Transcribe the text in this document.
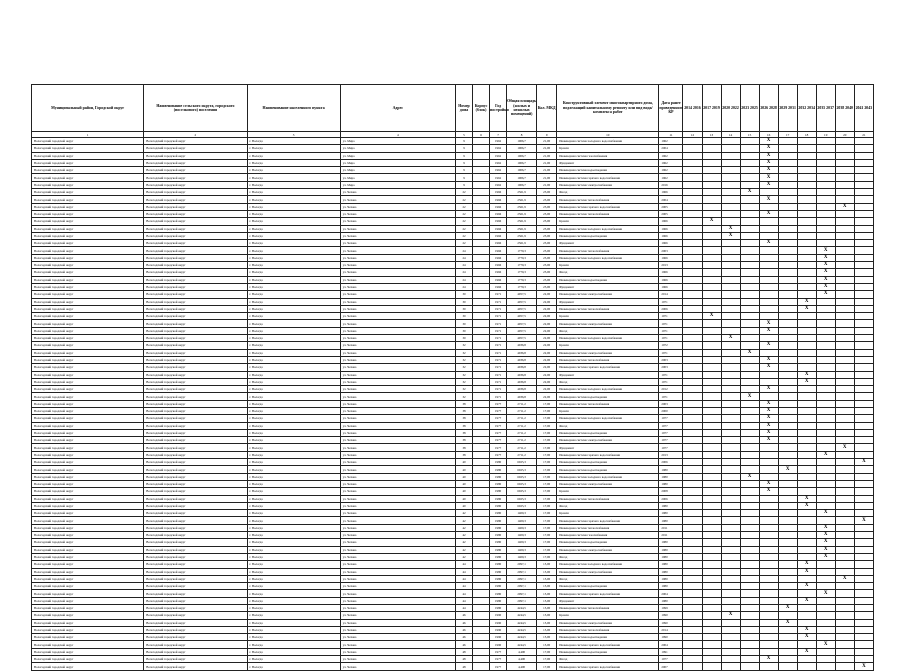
Муниципальный район, Городской округ	Наименование сельского округа, городского (поселкового) поселения	Наименование населенного пункта	Адрес	Номер дома	Корпус (блок)	Год постройки	Общая площадь (жилых и нежилых помещений)	Кол. МКД	Конструктивный элемент многоквартирного дома, подлежащий капитальному ремонту или вид вида/комплекса работ	Дата ранее проведенного КР	2014 2016	2017 2019	2020 2022	2023 2025	2026 2028	2029 2031	2032 2034	2035 2037	2038 2040	2041 2043
1	2	3	4	5	6	7	8	9	10	11	12	13	14	15	16	17	18	19	20	21
Вологодский городской округ	Вологодский городской округ	г. Вологда	ул. Мира	9		1962	1906,7	21,00	Инженерная система холодного водоснабжения	1962					X					
Вологодский городской округ	Вологодский городской округ	г. Вологда	ул. Мира	9		1962	1906,7	21,00	Кровля	2004					X					
Вологодский городской округ	Вологодский городской округ	г. Вологда	ул. Мира	9		1962	1906,7	21,00	Инженерная система газоснабжения	1962					X					
Вологодский городской округ	Вологодский городской округ	г. Вологда	ул. Мира	9		1962	1906,7	21,00	Фундамент	1962					X					
Вологодский городской округ	Вологодский городской округ	г. Вологда	ул. Мира	9		1962	1906,7	21,00	Инженерная система водоотведения	1962					X					
Вологодский городской округ	Вологодский городской округ	г. Вологда	ул. Мира	9		1962	1906,7	21,00	Инженерная система горячего водоснабжения	1962					X					
Вологодский городской округ	Вологодский городской округ	г. Вологда	ул. Мира	9		1962	1906,7	21,00	Инженерная система электроснабжения	2016					X					
Вологодский городской округ	Вологодский городской округ	г. Вологда	ул. Чехова	22		1966	2561,9	23,00	Фасад	1966				X						
Вологодский городской округ	Вологодский городской округ	г. Вологда	ул. Чехова	22		1966	2561,9	23,00	Инженерная система теплоснабжения	2004					X					
Вологодский городской округ	Вологодский городской округ	г. Вологда	ул. Чехова	22		1966	2561,9	23,00	Инженерная система горячего водоснабжения	2005									X	
Вологодский городской округ	Вологодский городской округ	г. Вологда	ул. Чехова	22		1966	2561,9	23,00	Инженерная система теплоснабжения	2005					X					
Вологодский городской округ	Вологодский городской округ	г. Вологда	ул. Чехова	22		1966	2561,9	23,00	Кровля	1966		X								
Вологодский городской округ	Вологодский городской округ	г. Вологда	ул. Чехова	22		1966	2561,9	23,00	Инженерная система холодного водоснабжения	1966			X							
Вологодский городской округ	Вологодский городской округ	г. Вологда	ул. Чехова	22		1966	2561,9	23,00	Инженерная система водоотведения	1966			X							
Вологодский городской округ	Вологодский городской округ	г. Вологда	ул. Чехова	22		1966	2561,9	23,00	Фундамент	1966					X					
Вологодский городской округ	Вологодский городской округ	г. Вологда	ул. Чехова	24		1966	1779,3	23,00	Инженерная система теплоснабжения	2003								X		
Вологодский городской округ	Вологодский городской округ	г. Вологда	ул. Чехова	24		1966	1779,3	23,00	Инженерная система холодного водоснабжения	1966								X		
Вологодский городской округ	Вологодский городской округ	г. Вологда	ул. Чехова	24		1966	1779,3	23,00	Кровля	2013								X		
Вологодский городской округ	Вологодский городской округ	г. Вологда	ул. Чехова	24		1966	1779,3	23,00	Фасад	1966								X		
Вологодский городской округ	Вологодский городской округ	г. Вологда	ул. Чехова	24		1966	1779,3	23,00	Инженерная система водоотведения	1966								X		
Вологодский городской округ	Вологодский городской округ	г. Вологда	ул. Чехова	24		1966	1779,3	23,00	Фундамент	1966								X		
Вологодский городской округ	Вологодский городской округ	г. Вологда	ул. Чехова	30		1971	4957,5	22,00	Инженерная система электроснабжения	2014								X		
Вологодский городской округ	Вологодский городской округ	г. Вологда	ул. Чехова	30		1971	4957,5	22,00	Фундамент	1971							X			
Вологодский городской округ	Вологодский городской округ	г. Вологда	ул. Чехова	30		1971	4957,5	22,00	Инженерная система теплоснабжения	2006							X			
Вологодский городской округ	Вологодский городской округ	г. Вологда	ул. Чехова	30		1971	4957,5	22,00	Кровля	1971		X								
Вологодский городской округ	Вологодский городской округ	г. Вологда	ул. Чехова	30		1971	4957,5	22,00	Инженерная система электроснабжения	1971					X					
Вологодский городской округ	Вологодский городской округ	г. Вологда	ул. Чехова	30		1971	4957,5	22,00	Фасад	1971					X					
Вологодский городской округ	Вологодский городской округ	г. Вологда	ул. Чехова	30		1971	4957,5	22,00	Инженерная система холодного водоснабжения	1971			X							
Вологодский городской округ	Вологодский городской округ	г. Вологда	ул. Чехова	32		1971	4936,8	22,00	Кровля	1972					X					
Вологодский городской округ	Вологодский городской округ	г. Вологда	ул. Чехова	32		1971	4936,8	22,00	Инженерная система электроснабжения	1971				X						
Вологодский городской округ	Вологодский городской округ	г. Вологда	ул. Чехова	32		1971	4936,8	22,00	Инженерная система теплоснабжения	2003					X					
Вологодский городской округ	Вологодский городской округ	г. Вологда	ул. Чехова	32		1971	4936,8	22,00	Инженерная система горячего водоснабжения	2003					X					
Вологодский городской округ	Вологодский городской округ	г. Вологда	ул. Чехова	32		1971	4936,8	22,00	Фундамент	1971							X			
Вологодский городской округ	Вологодский городской округ	г. Вологда	ул. Чехова	32		1971	4936,8	22,00	Фасад	1971							X			
Вологодский городской округ	Вологодский городской округ	г. Вологда	ул. Чехова	32		1971	4936,8	22,00	Инженерная система холодного водоснабжения	2012					X					
Вологодский городской округ	Вологодский городской округ	г. Вологда	ул. Чехова	32		1971	4936,8	22,00	Инженерная система водоотведения	1971				X						
Вологодский городской округ	Вологодский городской округ	г. Вологда	ул. Чехова	38		1977	2711,2	17,00	Инженерная система теплоснабжения	2003					X					
Вологодский городской округ	Вологодский городской округ	г. Вологда	ул. Чехова	38		1977	2711,2	17,00	Кровля	2000					X					
Вологодский городской округ	Вологодский городской округ	г. Вологда	ул. Чехова	38		1977	2711,2	17,00	Инженерная система холодного водоснабжения	1977					X					
Вологодский городской округ	Вологодский городской округ	г. Вологда	ул. Чехова	38		1977	2711,2	17,00	Фасад	1977					X					
Вологодский городской округ	Вологодский городской округ	г. Вологда	ул. Чехова	38		1977	2711,2	17,00	Инженерная система водоотведения	1977					X					
Вологодский городской округ	Вологодский городской округ	г. Вологда	ул. Чехова	38		1977	2711,2	17,00	Инженерная система электроснабжения	1977					X					
Вологодский городской округ	Вологодский городской округ	г. Вологда	ул. Чехова	38		1977	2711,2	17,00	Фундамент	1977									X	
Вологодский городской округ	Вологодский городской округ	г. Вологда	ул. Чехова	38		1977	2711,2	17,00	Инженерная система горячего водоснабжения	2013								X		
Вологодский городской округ	Вологодский городской округ	г. Вологда	ул. Чехова	40		1980	6025,3	17,00	Инженерная система водоотведения	2006										X
Вологодский городской округ	Вологодский городской округ	г. Вологда	ул. Чехова	40		1980	6025,3	17,00	Инженерная система водоотведения	1980						X				
Вологодский городской округ	Вологодский городской округ	г. Вологда	ул. Чехова	40		1980	6025,3	17,00	Инженерная система холодного водоснабжения	1980				X						
Вологодский городской округ	Вологодский городской округ	г. Вологда	ул. Чехова	40		1980	6025,3	17,00	Инженерная система электроснабжения	1980					X					
Вологодский городской округ	Вологодский городской округ	г. Вологда	ул. Чехова	40		1980	6025,3	17,00	Кровля	2008					X					
Вологодский городской округ	Вологодский городской округ	г. Вологда	ул. Чехова	40		1980	6025,3	17,00	Инженерная система теплоснабжения	2006							X			
Вологодский городской округ	Вологодский городской округ	г. Вологда	ул. Чехова	40		1980	6025,3	17,00	Фасад	1980							X			
Вологодский городской округ	Вологодский городской округ	г. Вологда	ул. Чехова	42		1980	1409,3	17,00	Кровля	1980								X		
Вологодский городской округ	Вологодский городской округ	г. Вологда	ул. Чехова	42		1980	1409,3	17,00	Инженерная система горячего водоснабжения	1980										X
Вологодский городской округ	Вологодский городской округ	г. Вологда	ул. Чехова	42		1980	1409,3	17,00	Инженерная система теплоснабжения	2011								X		
Вологодский городской округ	Вологодский городской округ	г. Вологда	ул. Чехова	42		1980	1409,3	17,00	Инженерная система газоснабжения	2011								X		
Вологодский городской округ	Вологодский городской округ	г. Вологда	ул. Чехова	42		1980	1409,3	17,00	Инженерная система водоотведения	1980								X		
Вологодский городской округ	Вологодский городской округ	г. Вологда	ул. Чехова	42		1980	1409,3	17,00	Инженерная система электроснабжения	1980								X		
Вологодский городской округ	Вологодский городской округ	г. Вологда	ул. Чехова	42		1980	1409,3	17,00	Фасад	1980								X		
Вологодский городской округ	Вологодский городской округ	г. Вологда	ул. Чехова	44		1980	2097,1	15,00	Инженерная система холодного водоснабжения	1980							X			
Вологодский городской округ	Вологодский городской округ	г. Вологда	ул. Чехова	44		1980	2097,1	15,00	Инженерная система электроснабжения	1980							X			
Вологодский городской округ	Вологодский городской округ	г. Вологда	ул. Чехова	44		1980	2097,1	15,00	Фасад	1980									X	
Вологодский городской округ	Вологодский городской округ	г. Вологда	ул. Чехова	44		1980	2097,1	15,00	Инженерная система водоотведения	1980							X			
Вологодский городской округ	Вологодский городской округ	г. Вологда	ул. Чехова	44		1980	2097,1	15,00	Инженерная система горячего водоснабжения	2004								X		
Вологодский городской округ	Вологодский городской округ	г. Вологда	ул. Чехова	44		1980	2097,1	15,00	Фундамент	1980							X			
Вологодский городской округ	Вологодский городской округ	г. Вологда	ул. Чехова	44		1980	4244,5	15,00	Инженерная система теплоснабжения	1999						X				
Вологодский городской округ	Вологодский городской округ	г. Вологда	ул. Чехова	46		1990	4244,5	15,00	Кровля	1990			X							
Вологодский городской округ	Вологодский городской округ	г. Вологда	ул. Чехова	46		1990	4244,5	15,00	Инженерная система электроснабжения	1990						X				
Вологодский городской округ	Вологодский городской округ	г. Вологда	ул. Чехова	46		1990	4244,5	15,00	Инженерная система теплоснабжения	2014							X			
Вологодский городской округ	Вологодский городской округ	г. Вологда	ул. Чехова	46		1990	4244,5	15,00	Инженерная система водоотведения	1990							X			
Вологодский городской округ	Вологодский городской округ	г. Вологда	ул. Чехова	46		1990	4244,5	15,00	Инженерная система горячего водоснабжения	2004								X		
Вологодский городской округ	Вологодский городской округ	г. Вологда	ул. Чехова	48		1977	4,400	17,00	Инженерная система водоотведения	1991							X			
Вологодский городской округ	Вологодский городской округ	г. Вологда	ул. Чехова	48		1977	4,400	17,00	Фасад	1977					X					
Вологодский городской округ	Вологодский городской округ	г. Вологда	ул. Чехова	48		1977	4,400	17,00	Инженерная система горячего водоснабжения	2007										X
